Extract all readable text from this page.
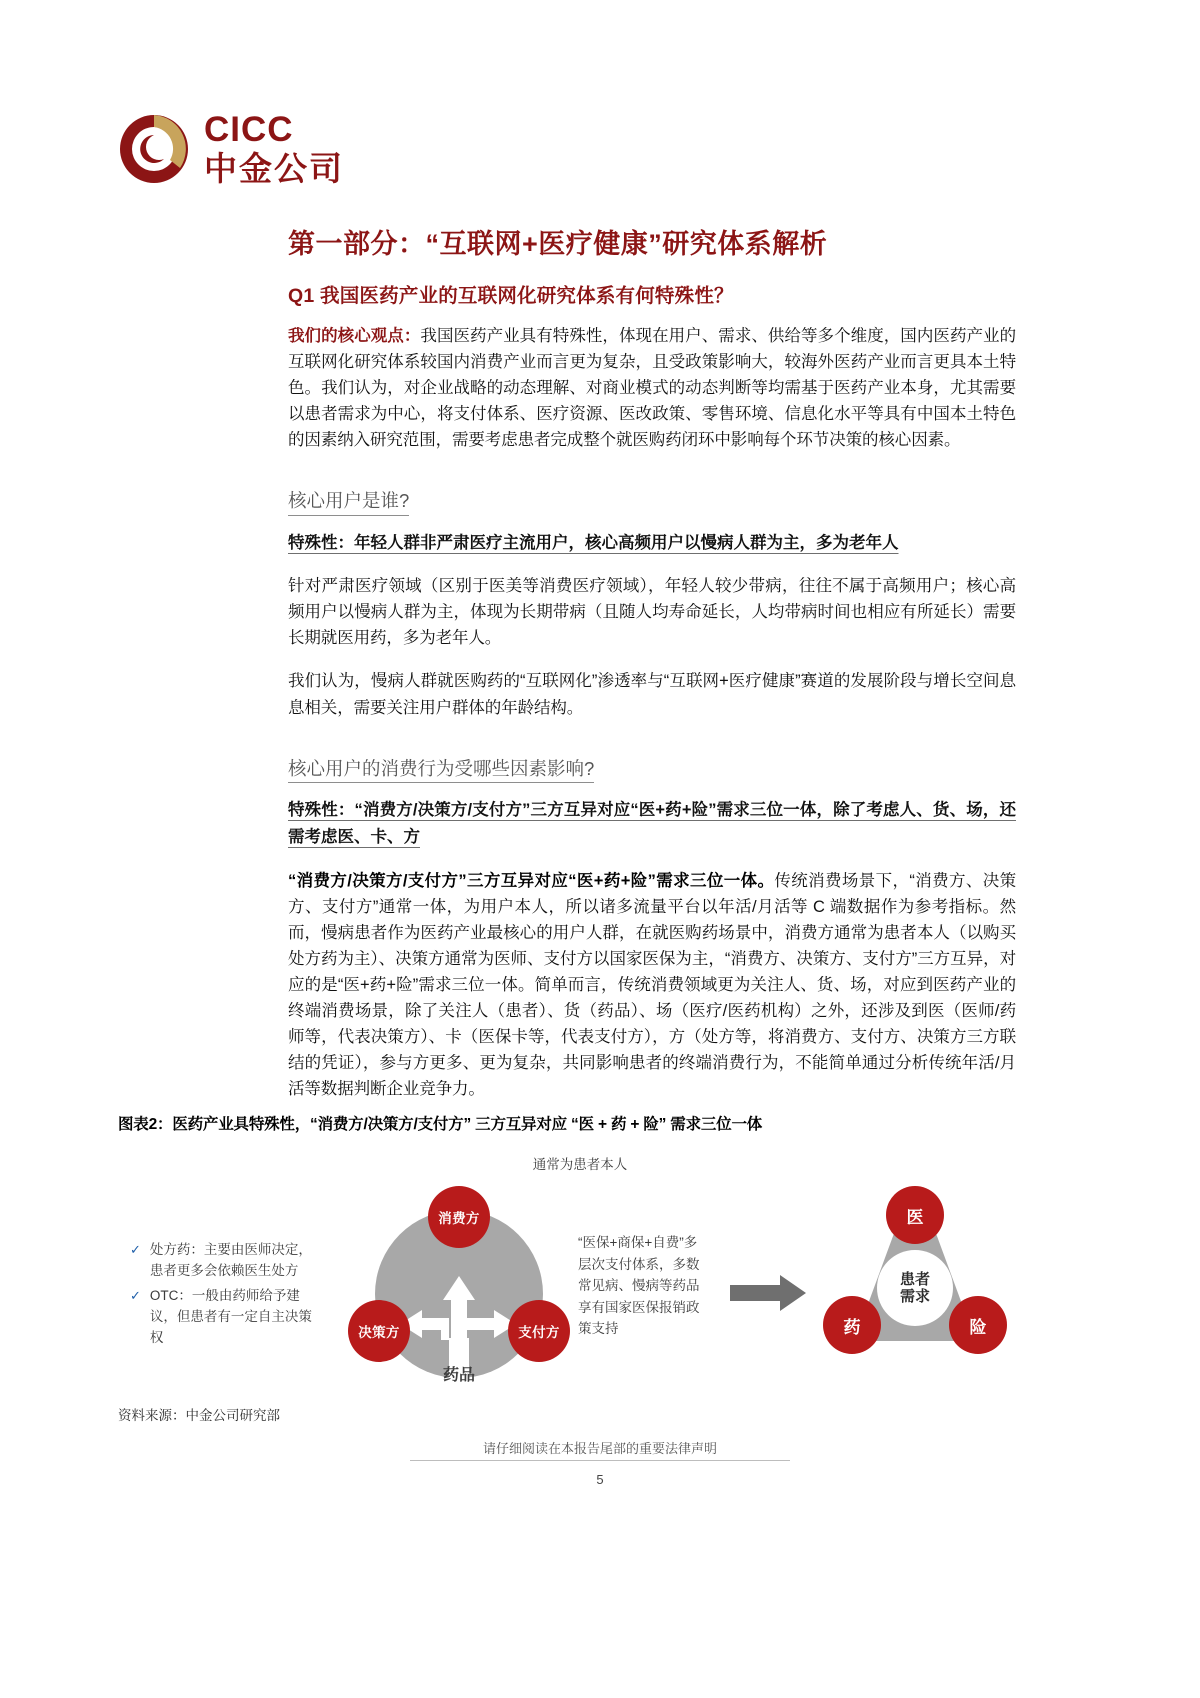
CICC
中金公司
第一部分：“互联网+医疗健康”研究体系解析
Q1 我国医药产业的互联网化研究体系有何特殊性？

我们的核心观点：我国医药产业具有特殊性，体现在用户、需求、供给等多个维度，国内医药产业的互联网化研究体系较国内消费产业而言更为复杂，且受政策影响大，较海外医药产业而言更具本土特色。我们认为，对企业战略的动态理解、对商业模式的动态判断等均需基于医药产业本身，尤其需要以患者需求为中心，将支付体系、医疗资源、医改政策、零售环境、信息化水平等具有中国本土特色的因素纳入研究范围，需要考虑患者完成整个就医购药闭环中影响每个环节决策的核心因素。

核心用户是谁?

特殊性：年轻人群非严肃医疗主流用户，核心高频用户以慢病人群为主，多为老年人

针对严肃医疗领域（区别于医美等消费医疗领域），年轻人较少带病，往往不属于高频用户；核心高频用户以慢病人群为主，体现为长期带病（且随人均寿命延长，人均带病时间也相应有所延长）需要长期就医用药，多为老年人。

我们认为，慢病人群就医购药的“互联网化”渗透率与“互联网+医疗健康”赛道的发展阶段与增长空间息息相关，需要关注用户群体的年龄结构。

核心用户的消费行为受哪些因素影响?

特殊性：“消费方/决策方/支付方”三方互异对应“医+药+险”需求三位一体，除了考虑人、货、场，还需考虑医、卡、方

“消费方/决策方/支付方”三方互异对应“医+药+险”需求三位一体。传统消费场景下，“消费方、决策方、支付方”通常一体，为用户本人，所以诸多流量平台以年活/月活等 C 端数据作为参考指标。然而，慢病患者作为医药产业最核心的用户人群，在就医购药场景中，消费方通常为患者本人（以购买处方药为主）、决策方通常为医师、支付方以国家医保为主，“消费方、决策方、支付方”三方互异，对应的是“医+药+险”需求三位一体。简单而言，传统消费领域更为关注人、货、场，对应到医药产业的终端消费场景，除了关注人（患者）、货（药品）、场（医疗/医药机构）之外，还涉及到医（医师/药师等，代表决策方）、卡（医保卡等，代表支付方），方（处方等，将消费方、支付方、决策方三方联结的凭证），参与方更多、更为复杂，共同影响患者的终端消费行为，不能简单通过分析传统年活/月活等数据判断企业竞争力。

图表2：医药产业具特殊性，“消费方/决策方/支付方” 三方互异对应 “医 + 药 + 险” 需求三位一体
通常为患者本人
✓ 处方药：主要由医师决定，患者更多会依赖医生处方
✓ OTC：一般由药师给予建议，但患者有一定自主决策权
消费方
决策方	支付方
药品
“医保+商保+自费”多层次支付体系，多数常见病、慢病等药品享有国家医保报销政策支持
医
药	险
患者
需求
资料来源：中金公司研究部
请仔细阅读在本报告尾部的重要法律声明
5
